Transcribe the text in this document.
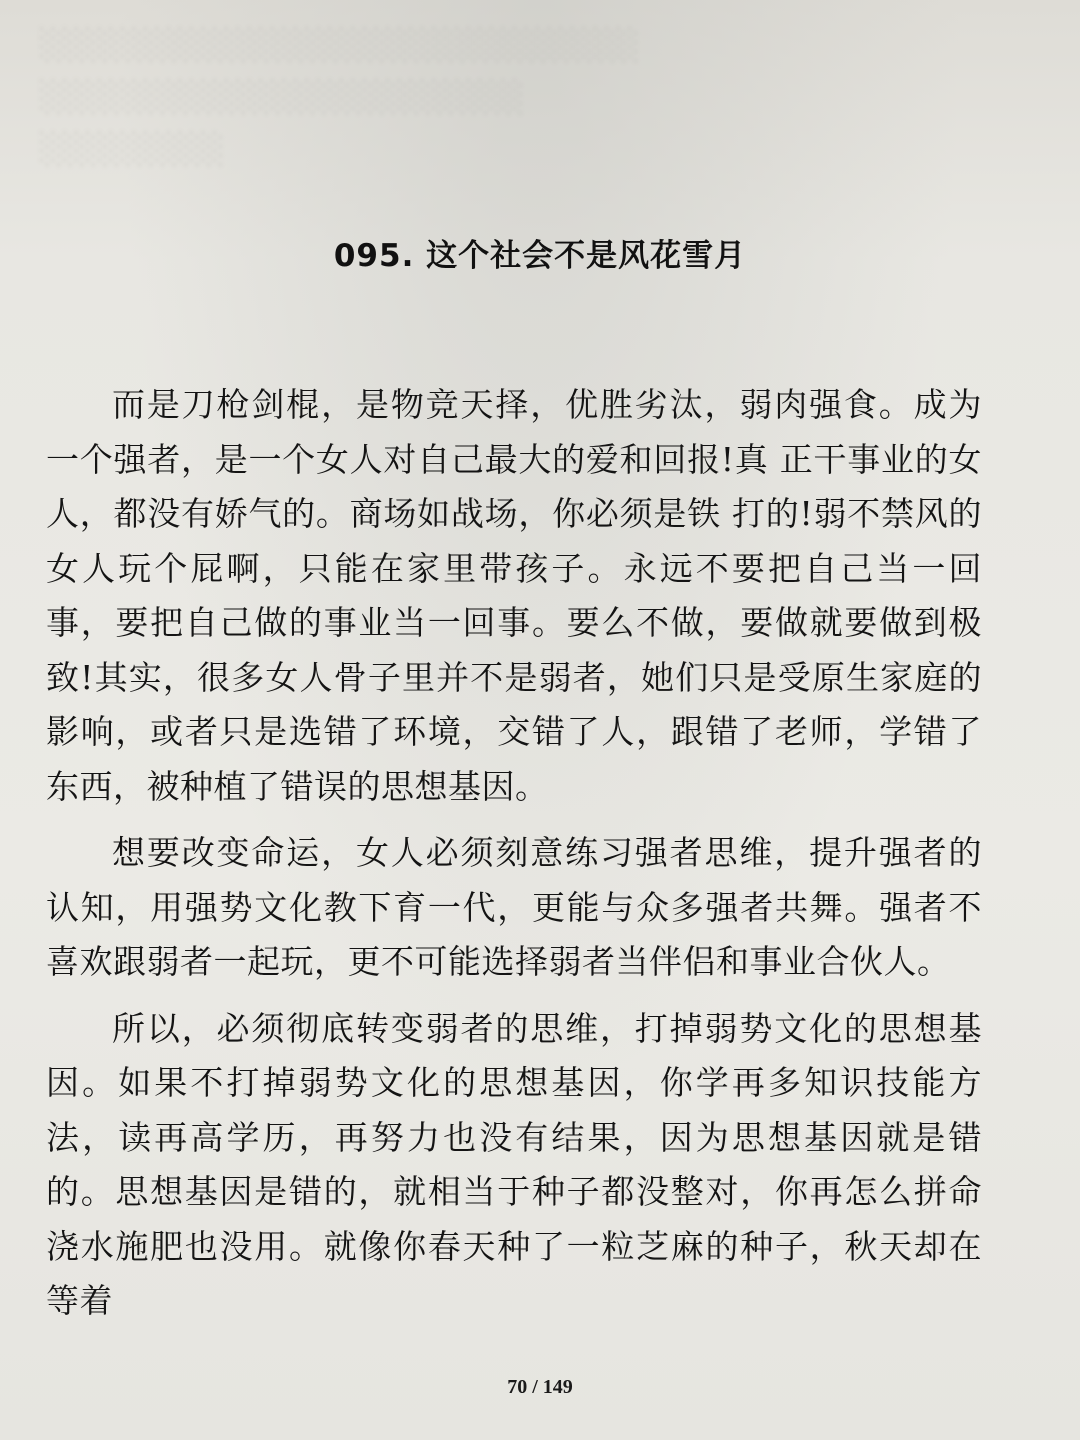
░░░░░░░░░░░░░░░░░░░░░░░░░░
░░░░░░░░░░░░░░░░░░░░░
░░░░░░░░
095. 这个社会不是风花雪月

而是刀枪剑棍，是物竞天择，优胜劣汰，弱肉强食。成为一个强者，是一个女人对自己最大的爱和回报!真 正干事业的女人，都没有娇气的。商场如战场，你必须是铁 打的!弱不禁风的女人玩个屁啊，只能在家里带孩子。永远不要把自己当一回事，要把自己做的事业当一回事。要么不做，要做就要做到极致!其实，很多女人骨子里并不是弱者，她们只是受原生家庭的影响，或者只是选错了环境，交错了人，跟错了老师，学错了东西，被种植了错误的思想基因。

想要改变命运，女人必须刻意练习强者思维，提升强者的认知，用强势文化教下育一代，更能与众多强者共舞。强者不喜欢跟弱者一起玩，更不可能选择弱者当伴侣和事业合伙人。

所以，必须彻底转变弱者的思维，打掉弱势文化的思想基因。如果不打掉弱势文化的思想基因，你学再多知识技能方法，读再高学历，再努力也没有结果，因为思想基因就是错的。思想基因是错的，就相当于种子都没整对，你再怎么拼命浇水施肥也没用。就像你春天种了一粒芝麻的种子，秋天却在等着

70 / 149
